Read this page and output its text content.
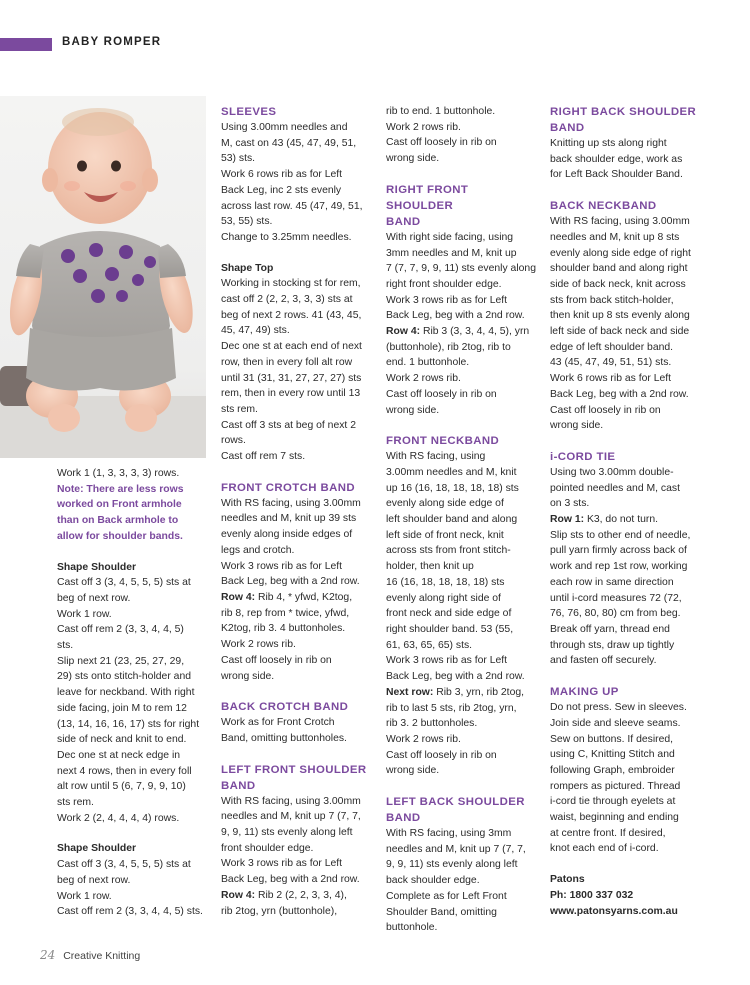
BABY ROMPER
Work 1 (1, 3, 3, 3, 3) rows.
Note: There are less rows
worked on Front armhole
than on Back armhole to
allow for shoulder bands.
Shape Shoulder
Cast off 3 (3, 4, 5, 5, 5) sts at
beg of next row.
Work 1 row.
Cast off rem 2 (3, 3, 4, 4, 5)
sts.
Slip next 21 (23, 25, 27, 29,
29) sts onto stitch-holder and
leave for neckband. With right
side facing, join M to rem 12
(13, 14, 16, 16, 17) sts for right
side of neck and knit to end.
Dec one st at neck edge in
next 4 rows, then in every foll
alt row until 5 (6, 7, 9, 9, 10)
sts rem.
Work 2 (2, 4, 4, 4, 4) rows.
Shape Shoulder
Cast off 3 (3, 4, 5, 5, 5) sts at
beg of next row.
Work 1 row.
Cast off rem 2 (3, 3, 4, 4, 5) sts.
SLEEVES
Using 3.00mm needles and
M, cast on 43 (45, 47, 49, 51,
53) sts.
Work 6 rows rib as for Left
Back Leg, inc 2 sts evenly
across last row. 45 (47, 49, 51,
53, 55) sts.
Change to 3.25mm needles.
Shape Top
Working in stocking st for rem,
cast off 2 (2, 2, 3, 3, 3) sts at
beg of next 2 rows. 41 (43, 45,
45, 47, 49) sts.
Dec one st at each end of next
row, then in every foll alt row
until 31 (31, 31, 27, 27, 27) sts
rem, then in every row until 13
sts rem.
Cast off 3 sts at beg of next 2
rows.
Cast off rem 7 sts.
FRONT CROTCH BAND
With RS facing, using 3.00mm
needles and M, knit up 39 sts
evenly along inside edges of
legs and crotch.
Work 3 rows rib as for Left
Back Leg, beg with a 2nd row.
Row 4: Rib 4, * yfwd, K2tog,
rib 8, rep from * twice, yfwd,
K2tog, rib 3. 4 buttonholes.
Work 2 rows rib.
Cast off loosely in rib on
wrong side.
BACK CROTCH BAND
Work as for Front Crotch
Band, omitting buttonholes.
LEFT FRONT SHOULDER
BAND
With RS facing, using 3.00mm
needles and M, knit up 7 (7, 7,
9, 9, 11) sts evenly along left
front shoulder edge.
Work 3 rows rib as for Left
Back Leg, beg with a 2nd row.
Row 4: Rib 2 (2, 2, 3, 3, 4),
rib 2tog, yrn (buttonhole),
rib to end. 1 buttonhole.
Work 2 rows rib.
Cast off loosely in rib on
wrong side.
RIGHT FRONT SHOULDER
BAND
With right side facing, using
3mm needles and M, knit up
7 (7, 7, 9, 9, 11) sts evenly along
right front shoulder edge.
Work 3 rows rib as for Left
Back Leg, beg with a 2nd row.
Row 4: Rib 3 (3, 3, 4, 4, 5), yrn
(buttonhole), rib 2tog, rib to
end. 1 buttonhole.
Work 2 rows rib.
Cast off loosely in rib on
wrong side.
FRONT NECKBAND
With RS facing, using
3.00mm needles and M, knit
up 16 (16, 18, 18, 18, 18) sts
evenly along side edge of
left shoulder band and along
left side of front neck, knit
across sts from front stitch-
holder, then knit up
16 (16, 18, 18, 18, 18) sts
evenly along right side of
front neck and side edge of
right shoulder band. 53 (55,
61, 63, 65, 65) sts.
Work 3 rows rib as for Left
Back Leg, beg with a 2nd row.
Next row: Rib 3, yrn, rib 2tog,
rib to last 5 sts, rib 2tog, yrn,
rib 3. 2 buttonholes.
Work 2 rows rib.
Cast off loosely in rib on
wrong side.
LEFT BACK SHOULDER
BAND
With RS facing, using 3mm
needles and M, knit up 7 (7, 7,
9, 9, 11) sts evenly along left
back shoulder edge.
Complete as for Left Front
Shoulder Band, omitting
buttonhole.
RIGHT BACK SHOULDER
BAND
Knitting up sts along right
back shoulder edge, work as
for Left Back Shoulder Band.
BACK NECKBAND
With RS facing, using 3.00mm
needles and M, knit up 8 sts
evenly along side edge of right
shoulder band and along right
side of back neck, knit across
sts from back stitch-holder,
then knit up 8 sts evenly along
left side of back neck and side
edge of left shoulder band.
43 (45, 47, 49, 51, 51) sts.
Work 6 rows rib as for Left
Back Leg, beg with a 2nd row.
Cast off loosely in rib on
wrong side.
i-CORD TIE
Using two 3.00mm double-
pointed needles and M, cast
on 3 sts.
Row 1: K3, do not turn.
Slip sts to other end of needle,
pull yarn firmly across back of
work and rep 1st row, working
each row in same direction
until i-cord measures 72 (72,
76, 76, 80, 80) cm from beg.
Break off yarn, thread end
through sts, draw up tightly
and fasten off securely.
MAKING UP
Do not press. Sew in sleeves.
Join side and sleeve seams.
Sew on buttons. If desired,
using C, Knitting Stitch and
following Graph, embroider
rompers as pictured. Thread
i-cord tie through eyelets at
waist, beginning and ending
at centre front. If desired,
knot each end of i-cord.
Patons
Ph: 1800 337 032
www.patonsyarns.com.au
24 Creative Knitting
